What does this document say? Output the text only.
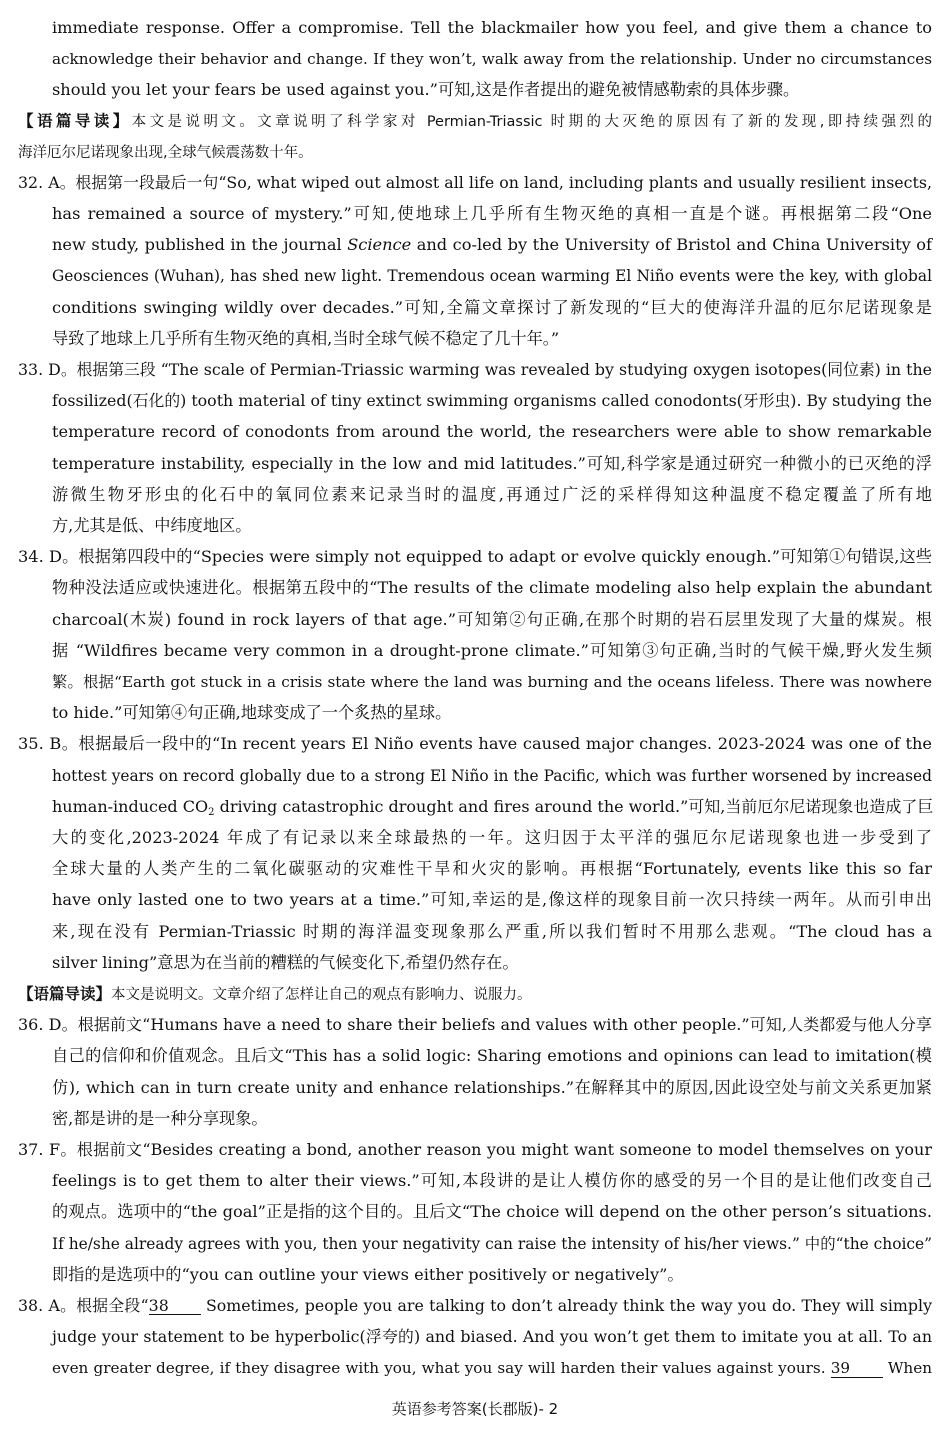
immediate response. Offer a compromise. Tell the blackmailer how you feel, and give them a chance to
acknowledge their behavior and change. If they won’t, walk away from the relationship. Under no circumstances
should you let your fears be used against you.”可知,这是作者提出的避免被情感勒索的具体步骤。
【语篇导读】本文是说明文。文章说明了科学家对 Permian-Triassic 时期的大灭绝的原因有了新的发现,即持续强烈的
海洋厄尔尼诺现象出现,全球气候震荡数十年。
32. A。根据第一段最后一句“So, what wiped out almost all life on land, including plants and usually resilient insects,
has remained a source of mystery.”可知,使地球上几乎所有生物灭绝的真相一直是个谜。再根据第二段“One
new study, published in the journal Science and co-led by the University of Bristol and China University of
Geosciences (Wuhan), has shed new light. Tremendous ocean warming El Niño events were the key, with global
conditions swinging wildly over decades.”可知,全篇文章探讨了新发现的“巨大的使海洋升温的厄尔尼诺现象是
导致了地球上几乎所有生物灭绝的真相,当时全球气候不稳定了几十年。”
33. D。根据第三段 “The scale of Permian-Triassic warming was revealed by studying oxygen isotopes(同位素) in the
fossilized(石化的) tooth material of tiny extinct swimming organisms called conodonts(牙形虫). By studying the
temperature record of conodonts from around the world, the researchers were able to show remarkable
temperature instability, especially in the low and mid latitudes.”可知,科学家是通过研究一种微小的已灭绝的浮
游微生物牙形虫的化石中的氧同位素来记录当时的温度,再通过广泛的采样得知这种温度不稳定覆盖了所有地
方,尤其是低、中纬度地区。
34. D。根据第四段中的“Species were simply not equipped to adapt or evolve quickly enough.”可知第①句错误,这些
物种没法适应或快速进化。根据第五段中的“The results of the climate modeling also help explain the abundant
charcoal(木炭) found in rock layers of that age.”可知第②句正确,在那个时期的岩石层里发现了大量的煤炭。根
据 “Wildfires became very common in a drought-prone climate.”可知第③句正确,当时的气候干燥,野火发生频
繁。根据“Earth got stuck in a crisis state where the land was burning and the oceans lifeless. There was nowhere
to hide.”可知第④句正确,地球变成了一个炙热的星球。
35. B。根据最后一段中的“In recent years El Niño events have caused major changes. 2023-2024 was one of the
hottest years on record globally due to a strong El Niño in the Pacific, which was further worsened by increased
human-induced $CO_2$ driving catastrophic drought and fires around the world.”可知,当前厄尔尼诺现象也造成了巨
大的变化,2023-2024 年成了有记录以来全球最热的一年。这归因于太平洋的强厄尔尼诺现象也进一步受到了
全球大量的人类产生的二氧化碳驱动的灾难性干旱和火灾的影响。再根据“Fortunately, events like this so far
have only lasted one to two years at a time.”可知,幸运的是,像这样的现象目前一次只持续一两年。从而引申出
来,现在没有 Permian-Triassic 时期的海洋温变现象那么严重,所以我们暂时不用那么悲观。“The cloud has a
silver lining”意思为在当前的糟糕的气候变化下,希望仍然存在。
【语篇导读】本文是说明文。文章介绍了怎样让自己的观点有影响力、说服力。
36. D。根据前文“Humans have a need to share their beliefs and values with other people.”可知,人类都爱与他人分享
自己的信仰和价值观念。且后文“This has a solid logic: Sharing emotions and opinions can lead to imitation(模
仿), which can in turn create unity and enhance relationships.”在解释其中的原因,因此设空处与前文关系更加紧
密,都是讲的是一种分享现象。
37. F。根据前文“Besides creating a bond, another reason you might want someone to model themselves on your
feelings is to get them to alter their views.”可知,本段讲的是让人模仿你的感受的另一个目的是让他们改变自己
的观点。选项中的“the goal”正是指的这个目的。且后文“The choice will depend on the other person’s situations.
If he/she already agrees with you, then your negativity can raise the intensity of his/her views.” 中的“the choice”
即指的是选项中的“you can outline your views either positively or negatively”。
38. A。根据全段“38 Sometimes, people you are talking to don’t already think the way you do. They will simply
judge your statement to be hyperbolic(浮夸的) and biased. And you won’t get them to imitate you at all. To an
even greater degree, if they disagree with you, what you say will harden their values against yours. 39 When
英语参考答案(长郡版)- 2
